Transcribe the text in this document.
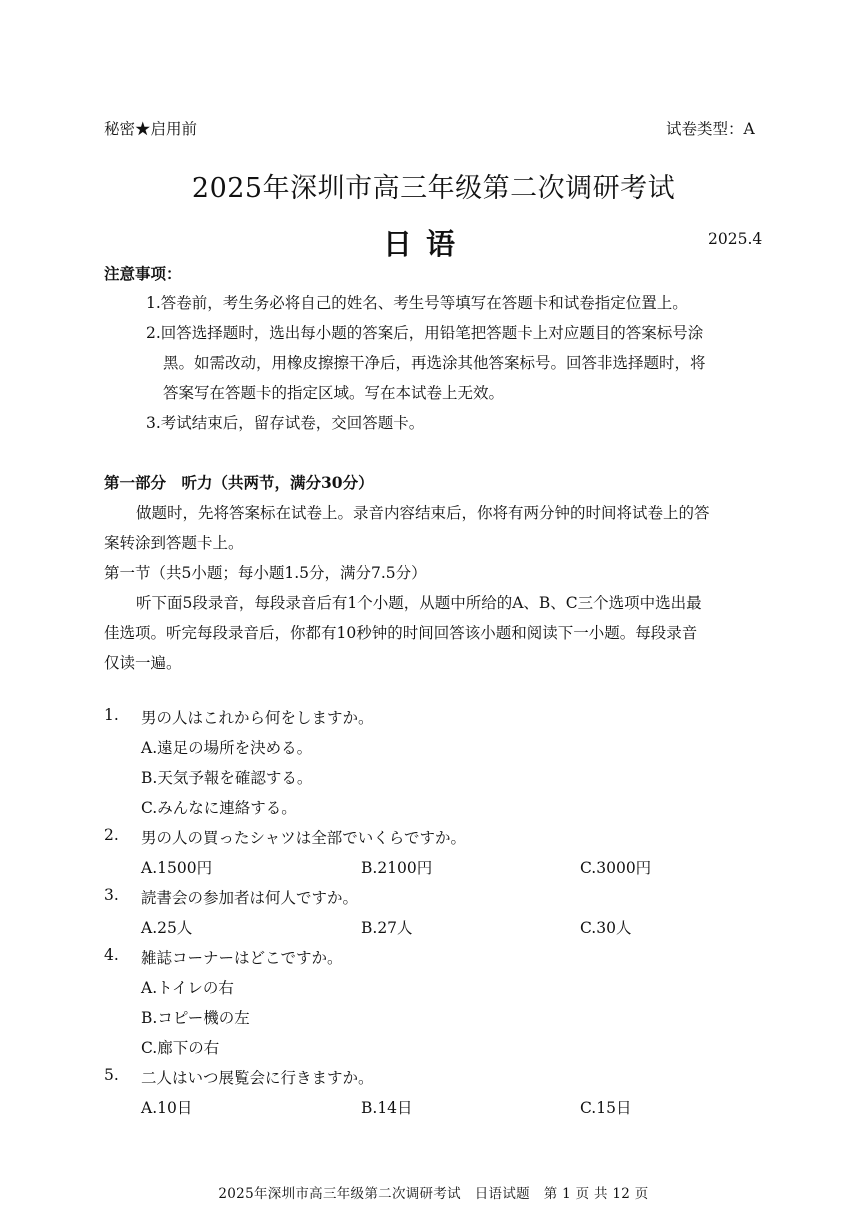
秘密★启用前	试卷类型：A
2025年深圳市高三年级第二次调研考试
日语	2025.4
注意事项：
1.答卷前，考生务必将自己的姓名、考生号等填写在答题卡和试卷指定位置上。
2.回答选择题时，选出每小题的答案后，用铅笔把答题卡上对应题目的答案标号涂
黑。如需改动，用橡皮擦擦干净后，再选涂其他答案标号。回答非选择题时，将
答案写在答题卡的指定区域。写在本试卷上无效。
3.考试结束后，留存试卷，交回答题卡。
第一部分　听力（共两节，满分30分）
做题时，先将答案标在试卷上。录音内容结束后，你将有两分钟的时间将试卷上的答
案转涂到答题卡上。
第一节（共5小题；每小题1.5分，满分7.5分）
听下面5段录音，每段录音后有1个小题，从题中所给的A、B、C三个选项中选出最
佳选项。听完每段录音后，你都有10秒钟的时间回答该小题和阅读下一小题。每段录音
仅读一遍。
1. 男の人はこれから何をしますか。
A.遠足の場所を決める。
B.天気予報を確認する。
C.みんなに連絡する。
2. 男の人の買ったシャツは全部でいくらですか。
A.1500円	B.2100円	C.3000円
3. 読書会の参加者は何人ですか。
A.25人	B.27人	C.30人
4. 雑誌コーナーはどこですか。
A.トイレの右
B.コピー機の左
C.廊下の右
5. 二人はいつ展覧会に行きますか。
A.10日	B.14日	C.15日
2025年深圳市高三年级第二次调研考试　日语试题　第 1 页 共 12 页
